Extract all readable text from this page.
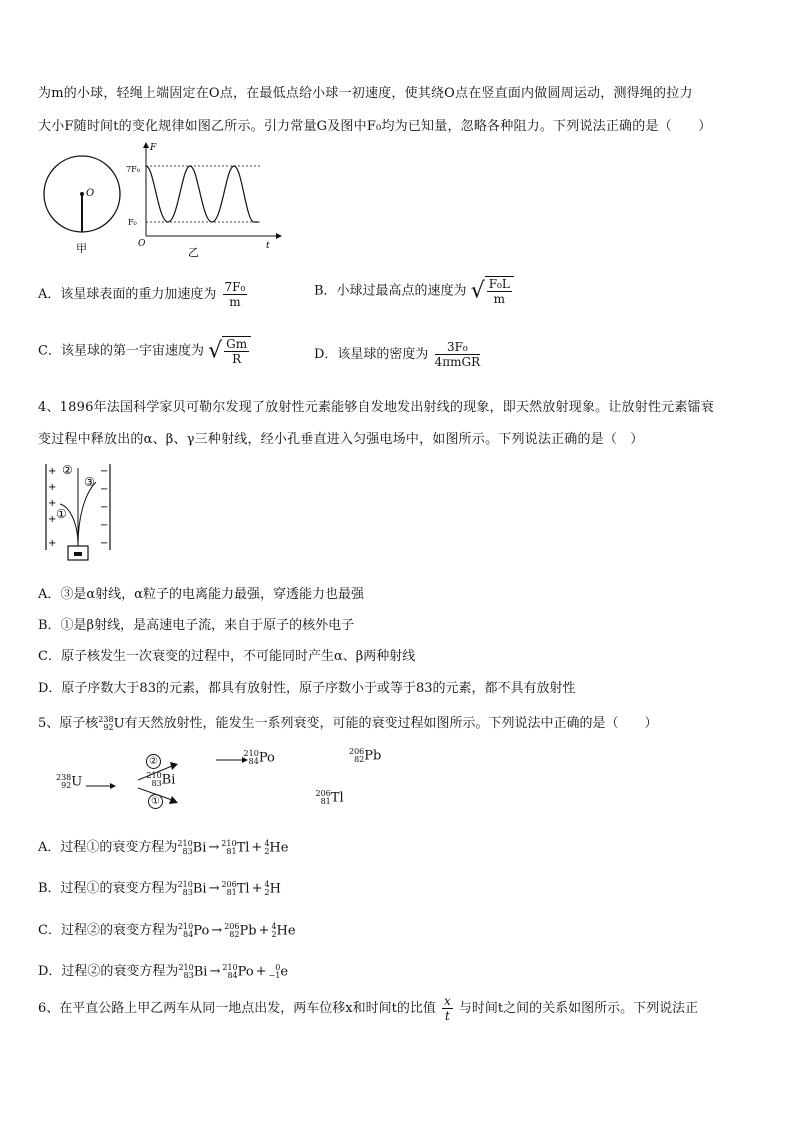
为m的小球，轻绳上端固定在O点，在最低点给小球一初速度，使其绕O点在竖直面内做圆周运动，测得绳的拉力
大小F随时间t的变化规律如图乙所示。引力常量G及图中F₀均为已知量，忽略各种阻力。下列说法正确的是（　　）
O
甲
F
t
O
7F₀
F₀
乙
A．该星球表面的重力加速度为 $\frac{\text{7F₀}}{m}$	B．小球过最高点的速度为 √ $\frac{\text{F₀L}}{m}$
C．该星球的第一宇宙速度为 √ $\frac{Gm}{R}$	D．该星球的密度为 $\frac{\text{3F₀}}{\text{4πmGR}}$
4、1896年法国科学家贝可勒尔发现了放射性元素能够自发地发出射线的现象，即天然放射现象。让放射性元素镭衰
变过程中释放出的α、β、γ三种射线，经小孔垂直进入匀强电场中，如图所示。下列说法正确的是（　）
+
+
+
+
+
−
−
−
−
−
①
②
③
A．③是α射线，α粒子的电离能力最强，穿透能力也最强
B．①是β射线，是高速电子流，来自于原子的核外电子
C．原子核发生一次衰变的过程中，不可能同时产生α、β两种射线
D．原子序数大于83的元素，都具有放射性，原子序数小于或等于83的元素，都不具有放射性
5、原子核238
92U有天然放射性，能发生一系列衰变，可能的衰变过程如图所示。下列说法中正确的是（　　）
238
92U	210
83Bi
②
①
210
84Po	206
82Pb 206
81Tl
A．过程①的衰变方程为210
83Bi → 210
81Tl + 4
2He
B．过程①的衰变方程为210
83Bi → 206
81Tl + 4
2H
C．过程②的衰变方程为210
84Po → 206
82Pb + 4
2He
D．过程②的衰变方程为210
83Bi → 210
84Po + 0
−1e
6、在平直公路上甲乙两车从同一地点出发，两车位移x和时间t的比值 $\frac{x}{t}$ 与时间t之间的关系如图所示。下列说法正
